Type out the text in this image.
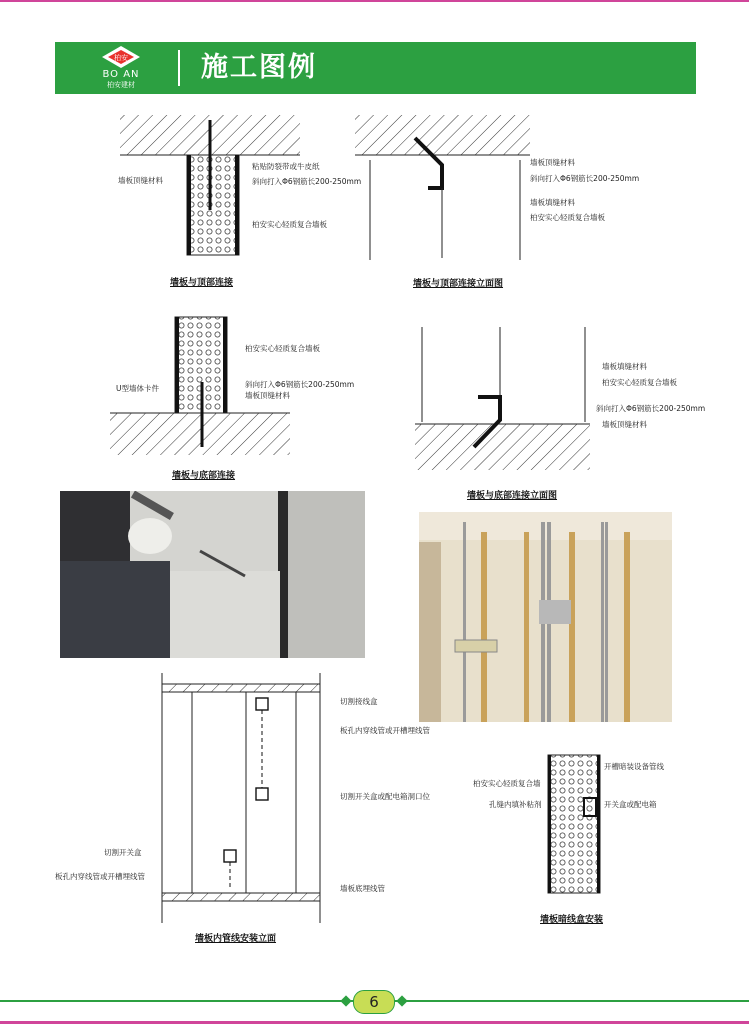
柏安
BO AN
柏安建材
施工图例
墙板顶缝材料
粘贴防裂带或牛皮纸
斜向打入Φ6钢筋长200-250mm
柏安实心轻质复合墙板
墙板与顶部连接
墙板顶缝材料
斜向打入Φ6钢筋长200-250mm
墙板填缝材料
柏安实心轻质复合墙板
墙板与顶部连接立面图
柏安实心轻质复合墙板
U型墙体卡件	斜向打入Φ6钢筋长200-250mm
墙板顶缝材料
墙板与底部连接
墙板填缝材料
柏安实心轻质复合墙板
斜向打入Φ6钢筋长200-250mm
墙板顶缝材料
墙板与底部连接立面图
切割接线盒
板孔内穿线管或开槽埋线管
切割开关盒或配电箱洞口位
切割开关盒
板孔内穿线管或开槽埋线管
墙板底埋线管
墙板内管线安装立面
柏安实心轻质复合墙
开槽暗装设备管线
孔缝内填补粘剂	开关盒或配电箱
墙板暗线盒安装
6
